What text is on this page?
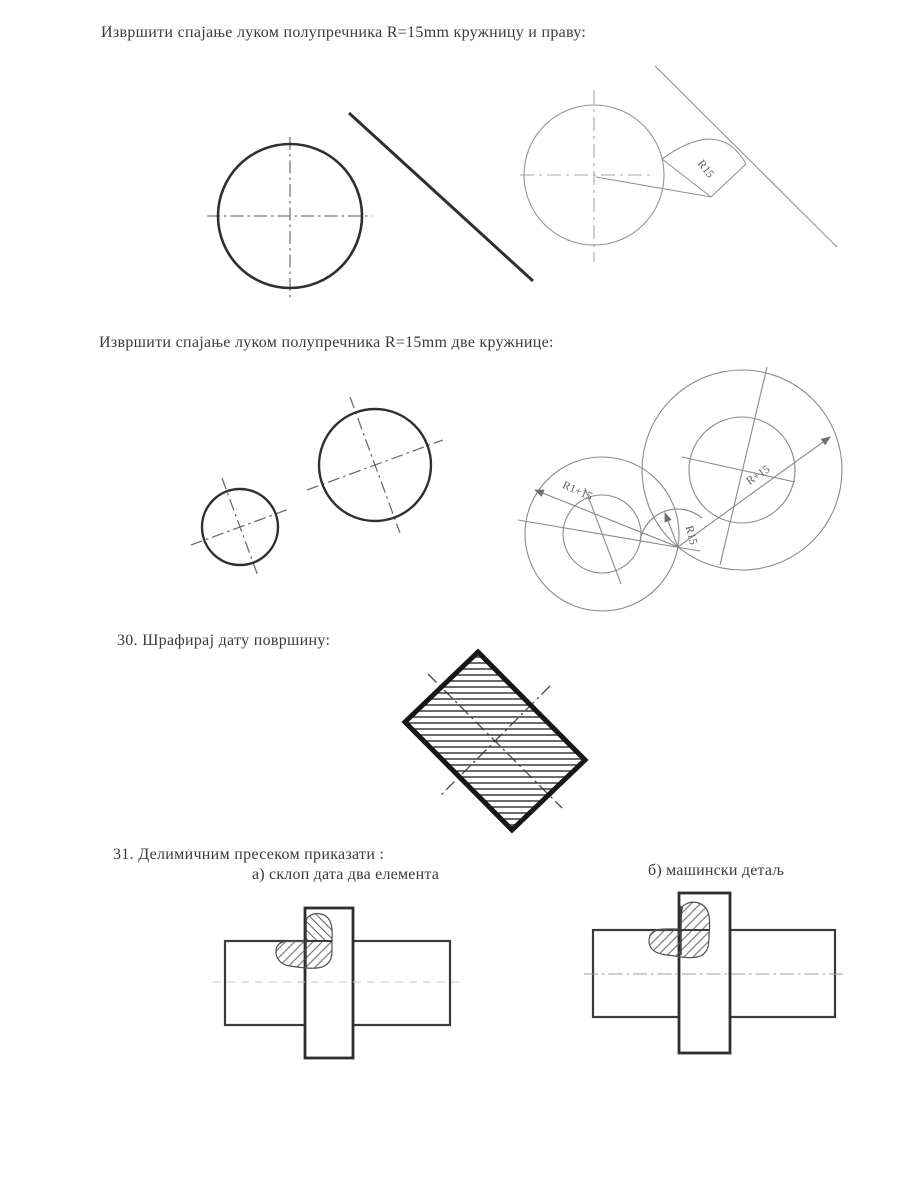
Извршити спајање луком полупречника R=15mm кружницу и праву:
R15
Извршити спајање луком полупречника R=15mm две кружнице:
R1+15
R+15
R15
30. Шрафирај дату површину:
31. Делимичним пресеком приказати :
а) склоп дата два елемента	б) машински детаљ
